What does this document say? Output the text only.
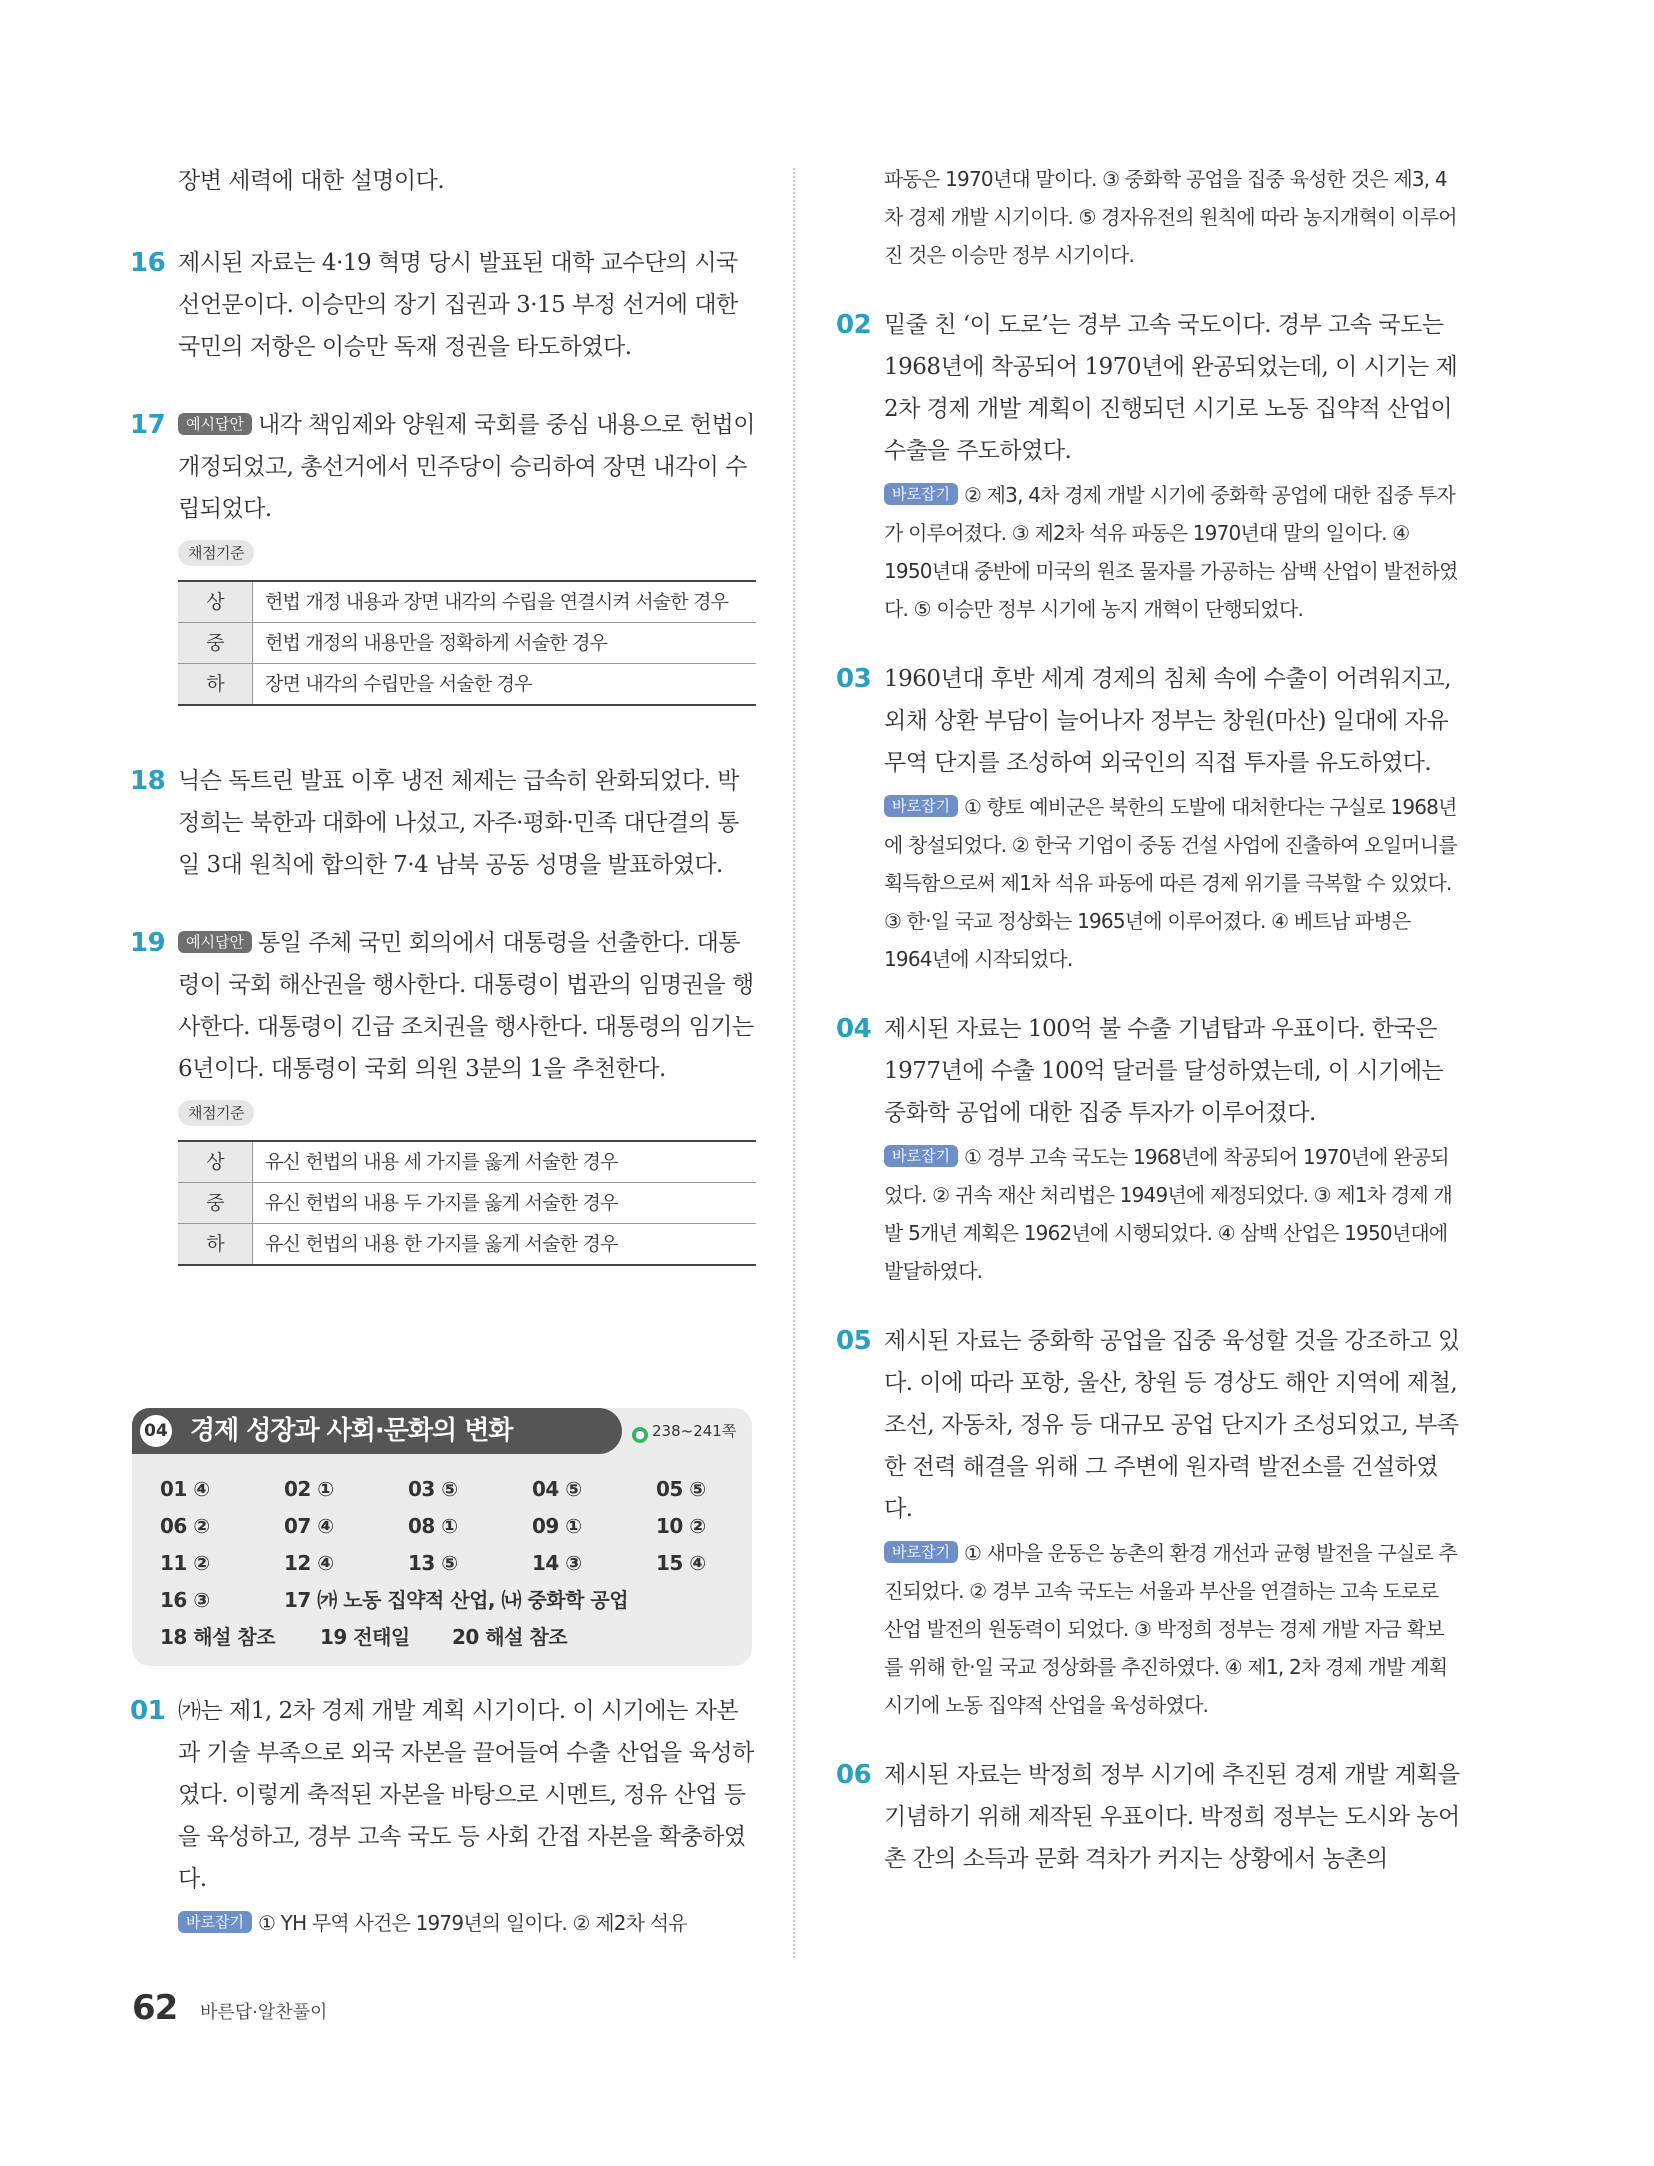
장변 세력에 대한 설명이다.
16 제시된 자료는 4·19 혁명 당시 발표된 대학 교수단의 시국 선언문이다. 이승만의 장기 집권과 3·15 부정 선거에 대한 국민의 저항은 이승만 독재 정권을 타도하였다.
17 예시답안 내각 책임제와 양원제 국회를 중심 내용으로 헌법이 개정되었고, 총선거에서 민주당이 승리하여 장면 내각이 수립되었다.
채점기준
상	헌법 개정 내용과 장면 내각의 수립을 연결시켜 서술한 경우
중	헌법 개정의 내용만을 정확하게 서술한 경우
하	장면 내각의 수립만을 서술한 경우
18 닉슨 독트린 발표 이후 냉전 체제는 급속히 완화되었다. 박정희는 북한과 대화에 나섰고, 자주·평화·민족 대단결의 통일 3대 원칙에 합의한 7·4 남북 공동 성명을 발표하였다.
19 예시답안 통일 주체 국민 회의에서 대통령을 선출한다. 대통령이 국회 해산권을 행사한다. 대통령이 법관의 임명권을 행사한다. 대통령이 긴급 조치권을 행사한다. 대통령의 임기는 6년이다. 대통령이 국회 의원 3분의 1을 추천한다.
채점기준
상	유신 헌법의 내용 세 가지를 옳게 서술한 경우
중	유신 헌법의 내용 두 가지를 옳게 서술한 경우
하	유신 헌법의 내용 한 가지를 옳게 서술한 경우
04 경제 성장과 사회·문화의 변화	● 238~241쪽
01 ④	02 ①	03 ⑤	04 ⑤	05 ⑤
06 ②	07 ④	08 ①	09 ①	10 ②
11 ②	12 ④	13 ⑤	14 ③	15 ④
16 ③	17 ㈎ 노동 집약적 산업, ㈏ 중화학 공업
18 해설 참조 19 전태일 20 해설 참조
01 ㈎는 제1, 2차 경제 개발 계획 시기이다. 이 시기에는 자본과 기술 부족으로 외국 자본을 끌어들여 수출 산업을 육성하였다. 이렇게 축적된 자본을 바탕으로 시멘트, 정유 산업 등을 육성하고, 경부 고속 국도 등 사회 간접 자본을 확충하였다.
바로잡기 ① YH 무역 사건은 1979년의 일이다. ② 제2차 석유
파동은 1970년대 말이다. ③ 중화학 공업을 집중 육성한 것은 제3, 4차 경제 개발 시기이다. ⑤ 경자유전의 원칙에 따라 농지개혁이 이루어진 것은 이승만 정부 시기이다.
02 밑줄 친 ‘이 도로’는 경부 고속 국도이다. 경부 고속 국도는 1968년에 착공되어 1970년에 완공되었는데, 이 시기는 제2차 경제 개발 계획이 진행되던 시기로 노동 집약적 산업이 수출을 주도하였다.
바로잡기 ② 제3, 4차 경제 개발 시기에 중화학 공업에 대한 집중 투자가 이루어졌다. ③ 제2차 석유 파동은 1970년대 말의 일이다. ④ 1950년대 중반에 미국의 원조 물자를 가공하는 삼백 산업이 발전하였다. ⑤ 이승만 정부 시기에 농지 개혁이 단행되었다.
03 1960년대 후반 세계 경제의 침체 속에 수출이 어려워지고, 외채 상환 부담이 늘어나자 정부는 창원(마산) 일대에 자유 무역 단지를 조성하여 외국인의 직접 투자를 유도하였다.
바로잡기 ① 향토 예비군은 북한의 도발에 대처한다는 구실로 1968년에 창설되었다. ② 한국 기업이 중동 건설 사업에 진출하여 오일머니를 획득함으로써 제1차 석유 파동에 따른 경제 위기를 극복할 수 있었다. ③ 한·일 국교 정상화는 1965년에 이루어졌다. ④ 베트남 파병은 1964년에 시작되었다.
04 제시된 자료는 100억 불 수출 기념탑과 우표이다. 한국은 1977년에 수출 100억 달러를 달성하였는데, 이 시기에는 중화학 공업에 대한 집중 투자가 이루어졌다.
바로잡기 ① 경부 고속 국도는 1968년에 착공되어 1970년에 완공되었다. ② 귀속 재산 처리법은 1949년에 제정되었다. ③ 제1차 경제 개발 5개년 계획은 1962년에 시행되었다. ④ 삼백 산업은 1950년대에 발달하였다.
05 제시된 자료는 중화학 공업을 집중 육성할 것을 강조하고 있다. 이에 따라 포항, 울산, 창원 등 경상도 해안 지역에 제철, 조선, 자동차, 정유 등 대규모 공업 단지가 조성되었고, 부족한 전력 해결을 위해 그 주변에 원자력 발전소를 건설하였다.
바로잡기 ① 새마을 운동은 농촌의 환경 개선과 균형 발전을 구실로 추진되었다. ② 경부 고속 국도는 서울과 부산을 연결하는 고속 도로로 산업 발전의 원동력이 되었다. ③ 박정희 정부는 경제 개발 자금 확보를 위해 한·일 국교 정상화를 추진하였다. ④ 제1, 2차 경제 개발 계획 시기에 노동 집약적 산업을 육성하였다.
06 제시된 자료는 박정희 정부 시기에 추진된 경제 개발 계획을 기념하기 위해 제작된 우표이다. 박정희 정부는 도시와 농어촌 간의 소득과 문화 격차가 커지는 상황에서 농촌의
62 바른답·알찬풀이
